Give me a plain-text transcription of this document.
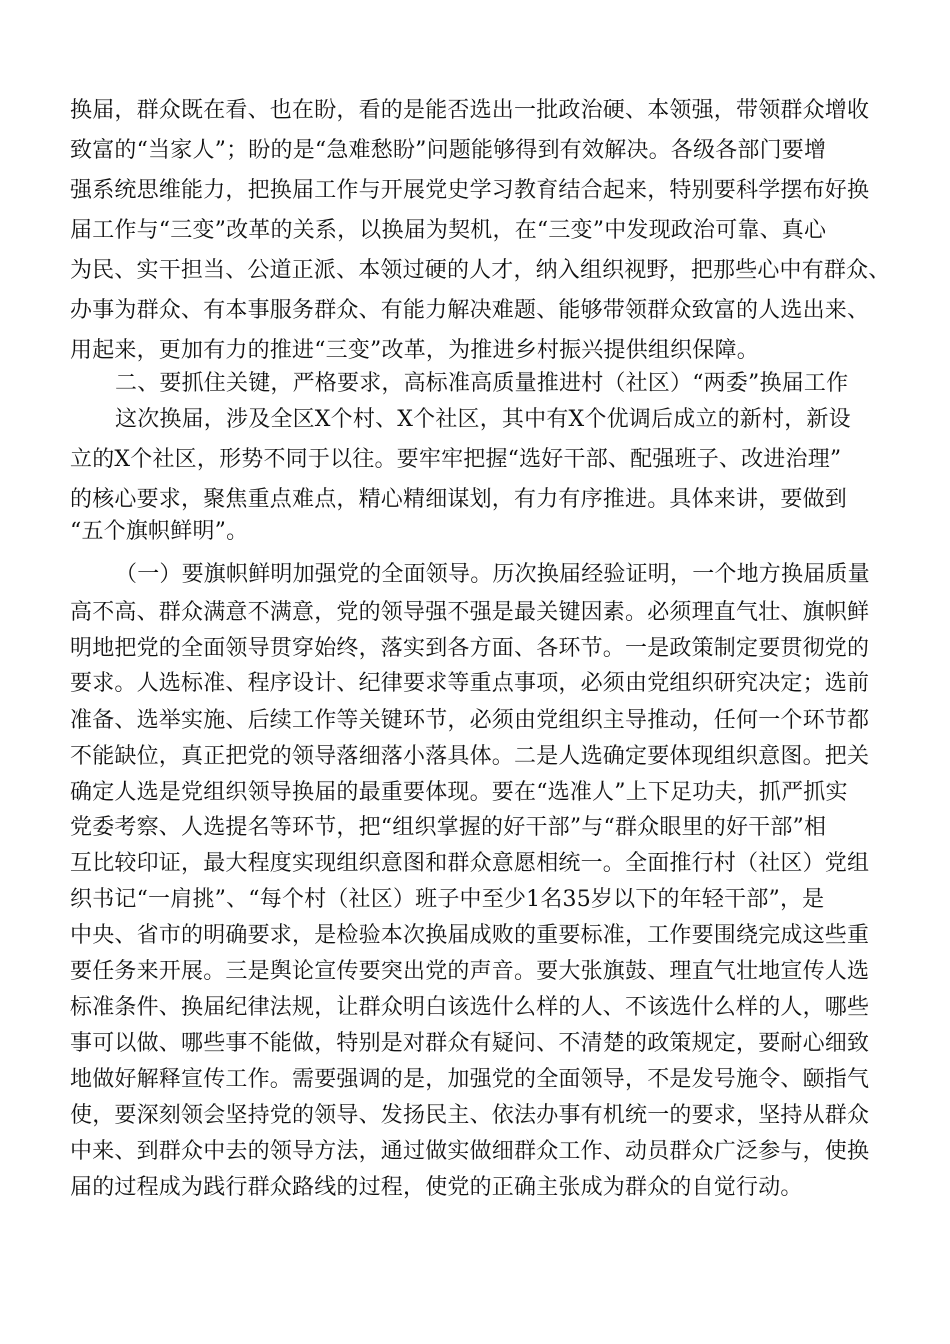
换届，群众既在看、也在盼，看的是能否选出一批政治硬、本领强，带领群众增收
致富的“当家人”；盼的是“急难愁盼”问题能够得到有效解决。各级各部门要增
强系统思维能力，把换届工作与开展党史学习教育结合起来，特别要科学摆布好换
届工作与“三变”改革的关系，以换届为契机，在“三变”中发现政治可靠、真心
为民、实干担当、公道正派、本领过硬的人才，纳入组织视野，把那些心中有群众、
办事为群众、有本事服务群众、有能力解决难题、能够带领群众致富的人选出来、
用起来，更加有力的推进“三变”改革，为推进乡村振兴提供组织保障。
二、要抓住关键，严格要求，高标准高质量推进村（社区）“两委”换届工作
这次换届，涉及全区X个村、X个社区，其中有X个优调后成立的新村，新设
立的X个社区，形势不同于以往。要牢牢把握“选好干部、配强班子、改进治理”
的核心要求，聚焦重点难点，精心精细谋划，有力有序推进。具体来讲，要做到
“五个旗帜鲜明”。
（一）要旗帜鲜明加强党的全面领导。历次换届经验证明，一个地方换届质量
高不高、群众满意不满意，党的领导强不强是最关键因素。必须理直气壮、旗帜鲜
明地把党的全面领导贯穿始终，落实到各方面、各环节。一是政策制定要贯彻党的
要求。人选标准、程序设计、纪律要求等重点事项，必须由党组织研究决定；选前
准备、选举实施、后续工作等关键环节，必须由党组织主导推动，任何一个环节都
不能缺位，真正把党的领导落细落小落具体。二是人选确定要体现组织意图。把关
确定人选是党组织领导换届的最重要体现。要在“选准人”上下足功夫，抓严抓实
党委考察、人选提名等环节，把“组织掌握的好干部”与“群众眼里的好干部”相
互比较印证，最大程度实现组织意图和群众意愿相统一。全面推行村（社区）党组
织书记“一肩挑”、“每个村（社区）班子中至少1名35岁以下的年轻干部”，是
中央、省市的明确要求，是检验本次换届成败的重要标准，工作要围绕完成这些重
要任务来开展。三是舆论宣传要突出党的声音。要大张旗鼓、理直气壮地宣传人选
标准条件、换届纪律法规，让群众明白该选什么样的人、不该选什么样的人，哪些
事可以做、哪些事不能做，特别是对群众有疑问、不清楚的政策规定，要耐心细致
地做好解释宣传工作。需要强调的是，加强党的全面领导，不是发号施令、颐指气
使，要深刻领会坚持党的领导、发扬民主、依法办事有机统一的要求，坚持从群众
中来、到群众中去的领导方法，通过做实做细群众工作、动员群众广泛参与，使换
届的过程成为践行群众路线的过程，使党的正确主张成为群众的自觉行动。
